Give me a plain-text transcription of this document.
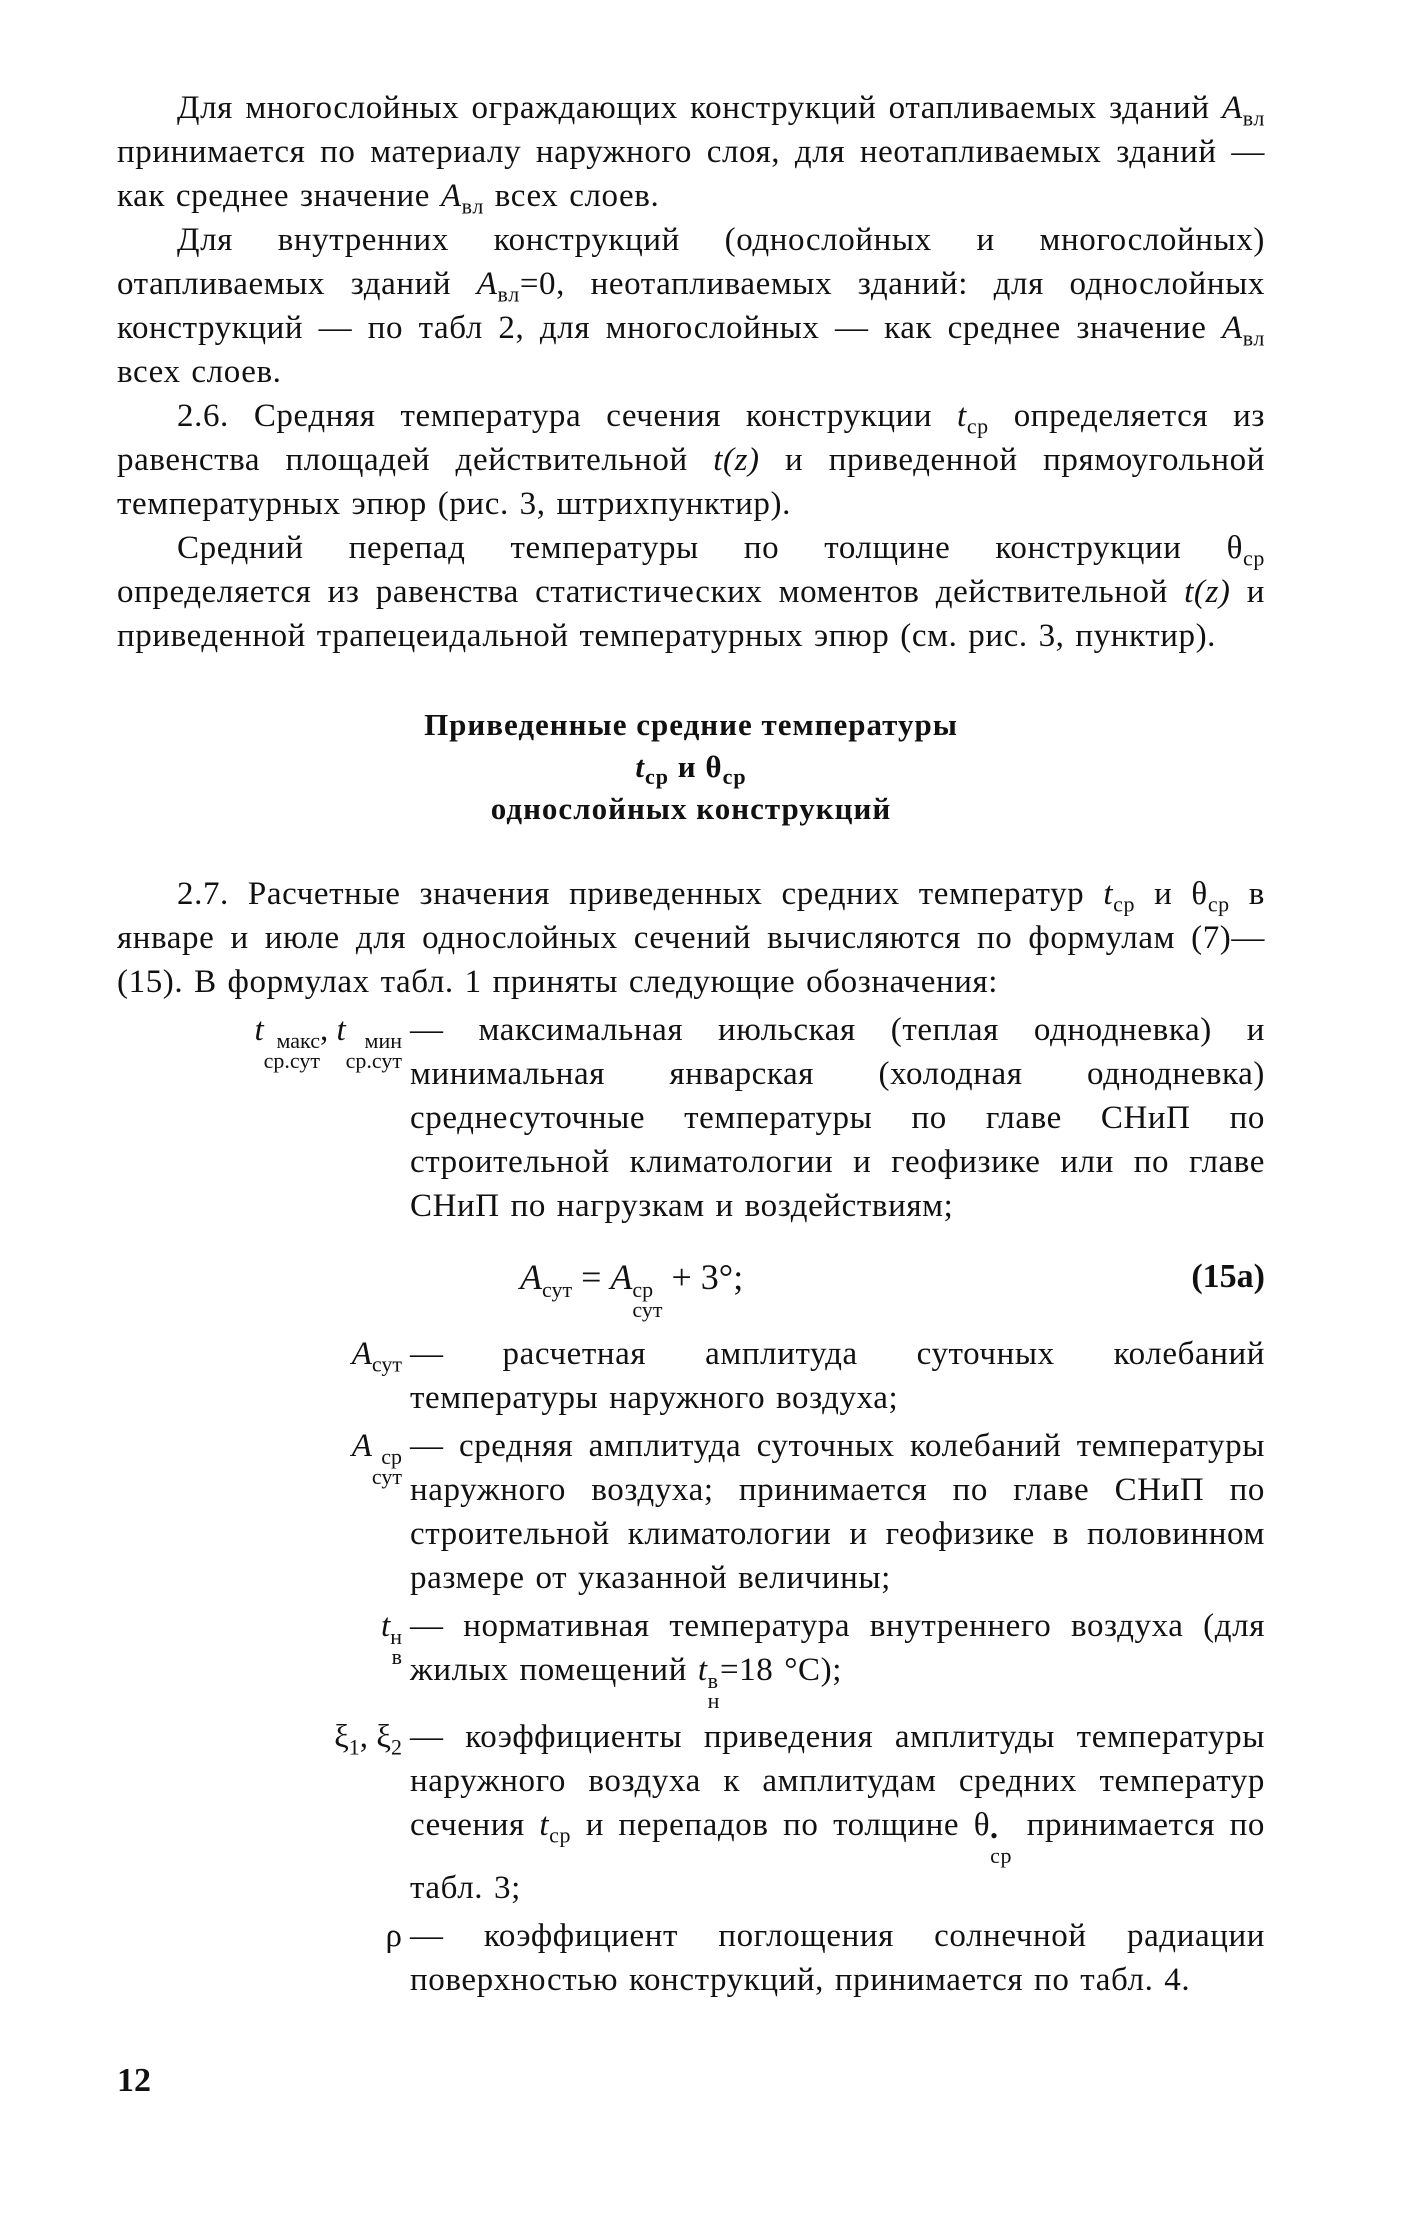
Для многослойных ограждающих конструкций отапливаемых зданий $A_{вл}$ принимается по материалу наружного слоя, для неотапливаемых зданий — как среднее значение $A_{вл}$ всех слоев.

Для внутренних конструкций (однослойных и многослойных) отапливаемых зданий $A_{вл}=0$, неотапливаемых зданий: для однослойных конструкций — по табл 2, для многослойных — как среднее значение $A_{вл}$ всех слоев.

2.6. Средняя температура сечения конструкции $t_{ср}$ определяется из равенства площадей действительной t(z) и приведенной прямоугольной температурных эпюр (рис. 3, штрихпунктир).

Средний перепад температуры по толщине конструкции $\theta_{ср}$ определяется из равенства статистических моментов действительной t(z) и приведенной трапецеидальной температурных эпюр (см. рис. 3, пунктир).

Приведенные средние температуры
$t_{ср}$ и $\theta_{ср}$
однослойных конструкций

2.7. Расчетные значения приведенных средних температур $t_{ср}$ и $\theta_{ср}$ в январе и июле для однослойных сечений вычисляются по формулам (7)—(15). В формулах табл. 1 приняты следующие обозначения:

t макс
ср.сут
, t мин
ср.сут
— максимальная июльская (теплая однодневка) и минимальная январская (холодная однодневка) среднесуточные температуры по главе СНиП по строительной климатологии и геофизике или по главе СНиП по нагрузкам и воздействиям;
$A_{сут} = A$ ср
сут
+ 3°;	(15а)
$A_{сут}$ — расчетная амплитуда суточных колебаний температуры наружного воздуха;
A ср
сут
— средняя амплитуда суточных колебаний температуры наружного воздуха; принимается по главе СНиП по строительной климатологии и геофизике в половинном размере от указанной величины;
t н
в
— нормативная температура внутреннего воздуха (для жилых помещений t в
н
=18 °С);
$\xi_1$, $\xi_2$ — коэффициенты приведения амплитуды температуры наружного воздуха к амплитудам средних температур сечения $t_{ср}$ и перепадов по толщине θ •
ср
принимается по табл. 3;
ρ — коэффициент поглощения солнечной радиации поверхностью конструкций, принимается по табл. 4.
12
